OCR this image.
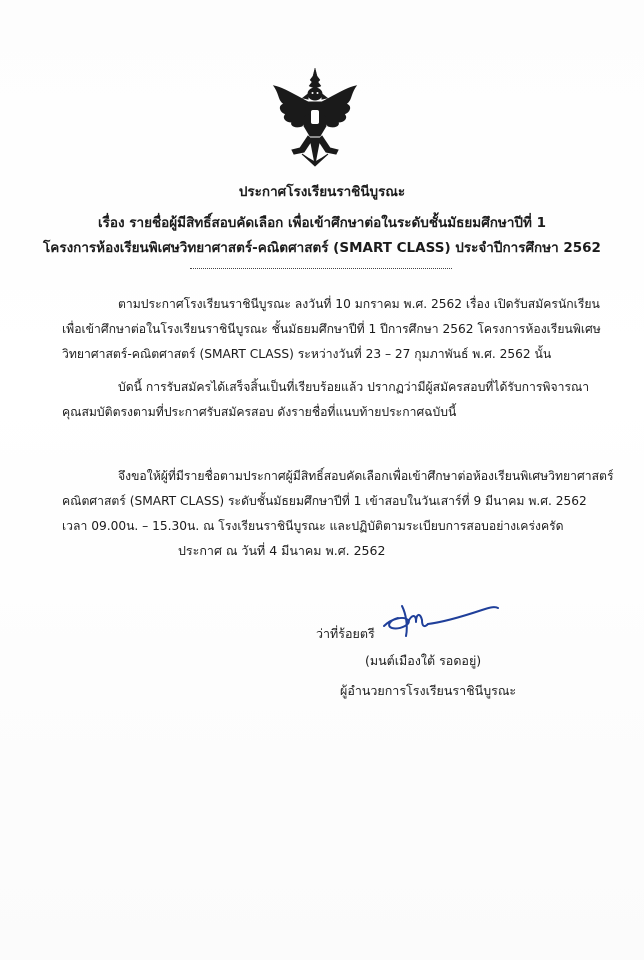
ประกาศโรงเรียนราชินีบูรณะ
เรื่อง รายชื่อผู้มีสิทธิ์สอบคัดเลือก เพื่อเข้าศึกษาต่อในระดับชั้นมัธยมศึกษาปีที่ 1
โครงการห้องเรียนพิเศษวิทยาศาสตร์-คณิตศาสตร์ (SMART CLASS) ประจำปีการศึกษา 2562
ตามประกาศโรงเรียนราชินีบูรณะ ลงวันที่ 10 มกราคม พ.ศ. 2562 เรื่อง เปิดรับสมัครนักเรียน
เพื่อเข้าศึกษาต่อในโรงเรียนราชินีบูรณะ ชั้นมัธยมศึกษาปีที่ 1 ปีการศึกษา 2562 โครงการห้องเรียนพิเศษ
วิทยาศาสตร์-คณิตศาสตร์ (SMART CLASS) ระหว่างวันที่ 23 – 27 กุมภาพันธ์ พ.ศ. 2562 นั้น
บัดนี้ การรับสมัครได้เสร็จสิ้นเป็นที่เรียบร้อยแล้ว ปรากฏว่ามีผู้สมัครสอบที่ได้รับการพิจารณา
คุณสมบัติตรงตามที่ประกาศรับสมัครสอบ ดังรายชื่อที่แนบท้ายประกาศฉบับนี้
จึงขอให้ผู้ที่มีรายชื่อตามประกาศผู้มีสิทธิ์สอบคัดเลือกเพื่อเข้าศึกษาต่อห้องเรียนพิเศษวิทยาศาสตร์
คณิตศาสตร์ (SMART CLASS) ระดับชั้นมัธยมศึกษาปีที่ 1 เข้าสอบในวันเสาร์ที่ 9 มีนาคม พ.ศ. 2562
เวลา 09.00น. – 15.30น. ณ โรงเรียนราชินีบูรณะ และปฏิบัติตามระเบียบการสอบอย่างเคร่งครัด
ประกาศ ณ วันที่ 4 มีนาคม พ.ศ. 2562
ว่าที่ร้อยตรี
(มนต์เมืองใต้ รอดอยู่)
ผู้อำนวยการโรงเรียนราชินีบูรณะ
